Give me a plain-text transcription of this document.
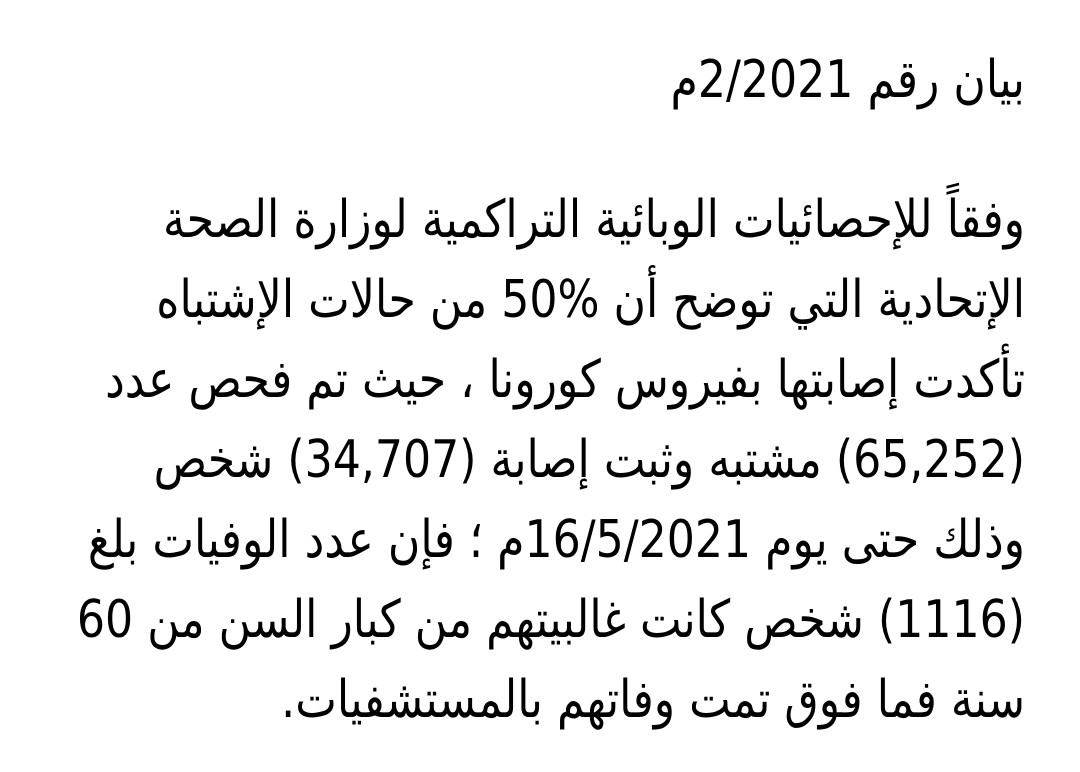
بيان رقم 2/2021م
وفقاً للإحصائيات الوبائية التراكمية لوزارة الصحة
الإتحادية التي توضح أن %50 من حالات الإشتباه
تأكدت إصابتها بفيروس كورونا ، حيث تم فحص عدد
(65,252) مشتبه وثبت إصابة (34,707) شخص
وذلك حتى يوم 16/5/2021م ؛ فإن عدد الوفيات بلغ
(1116) شخص كانت غالبيتهم من كبار السن من 60
سنة فما فوق تمت وفاتهم بالمستشفيات.
